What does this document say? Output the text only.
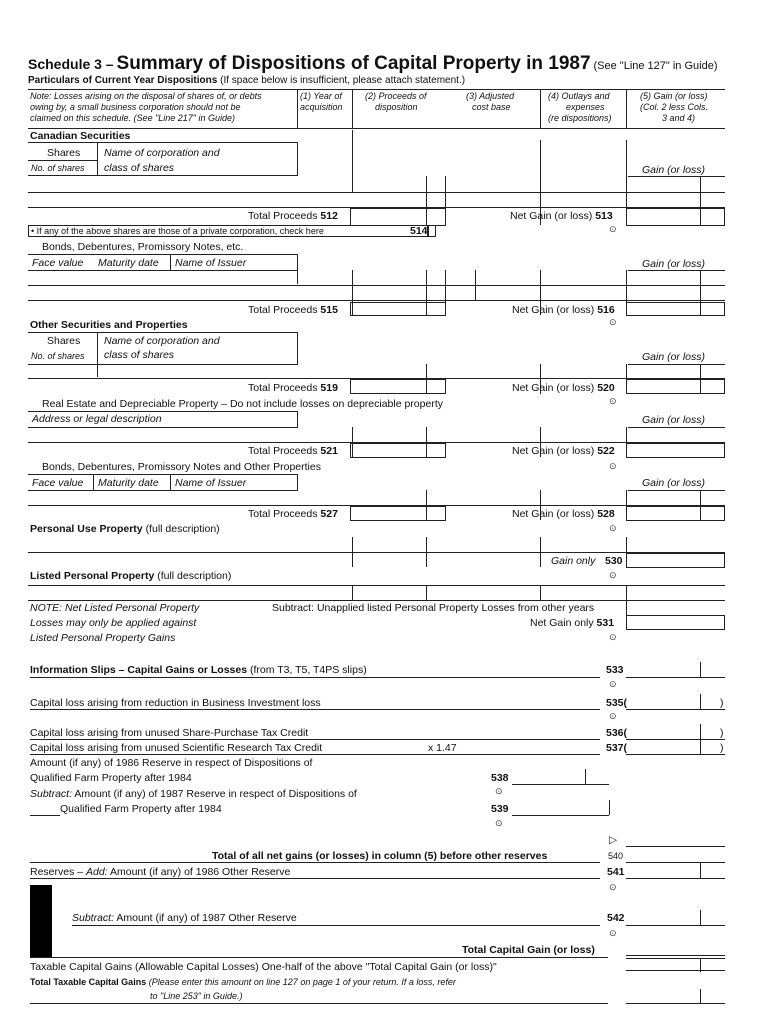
Schedule 3 – Summary of Dispositions of Capital Property in 1987 (See "Line 127" in Guide)
Particulars of Current Year Dispositions (If space below is insufficient, please attach statement.)
Note: Losses arising on the disposal of shares of, or debts
owing by, a small business corporation should not be
claimed on this schedule. (See "Line 217" in Guide)
(1) Year of
acquisition
(2) Proceeds of
disposition
(3) Adjusted
cost base
(4) Outlays and
expenses
(re dispositions)
(5) Gain (or loss)
(Col. 2 less Cols.
3 and 4)
Canadian Securities
Shares Name of corporation and
No. of shares class of shares	Gain (or loss)
Total Proceeds 512	Net Gain (or loss) 513
⊙
• If any of the above shares are those of a private corporation, check here	514
Bonds, Debentures, Promissory Notes, etc.
Face value Maturity date Name of Issuer	Gain (or loss)
Total Proceeds 515	Net Gain (or loss) 516
⊙
Other Securities and Properties
Shares Name of corporation and
No. of shares class of shares	Gain (or loss)
Total Proceeds 519	Net Gain (or loss) 520
⊙
Real Estate and Depreciable Property – Do not include losses on depreciable property
Address or legal description	Gain (or loss)
Total Proceeds 521	Net Gain (or loss) 522
⊙
Bonds, Debentures, Promissory Notes and Other Properties
Face value Maturity date Name of Issuer	Gain (or loss)
Total Proceeds 527	Net Gain (or loss) 528
⊙
Personal Use Property (full description)
Gain only 530
⊙
Listed Personal Property (full description)
NOTE: Net Listed Personal Property
Losses may only be applied against
Listed Personal Property Gains
Subtract: Unapplied listed Personal Property Losses from other years
Net Gain only 531
⊙
Information Slips – Capital Gains or Losses (from T3, T5, T4PS slips)	533
⊙
Capital loss arising from reduction in Business Investment loss	535(	)
⊙
Capital loss arising from unused Share-Purchase Tax Credit	536(	)
Capital loss arising from unused Scientific Research Tax Credit	x 1.47	537(	)
Amount (if any) of 1986 Reserve in respect of Dispositions of
Qualified Farm Property after 1984	538
⊙
Subtract: Amount (if any) of 1987 Reserve in respect of Dispositions of
Qualified Farm Property after 1984	539
⊙
▷
Total of all net gains (or losses) in column (5) before other reserves	540
Reserves – Add: Amount (if any) of 1986 Other Reserve	541
⊙
Subtract: Amount (if any) of 1987 Other Reserve	542
⊙
Total Capital Gain (or loss)
Taxable Capital Gains (Allowable Capital Losses) One-half of the above "Total Capital Gain (or loss)"
Total Taxable Capital Gains (Please enter this amount on line 127 on page 1 of your return. If a loss, refer
to "Line 253" in Guide.)
